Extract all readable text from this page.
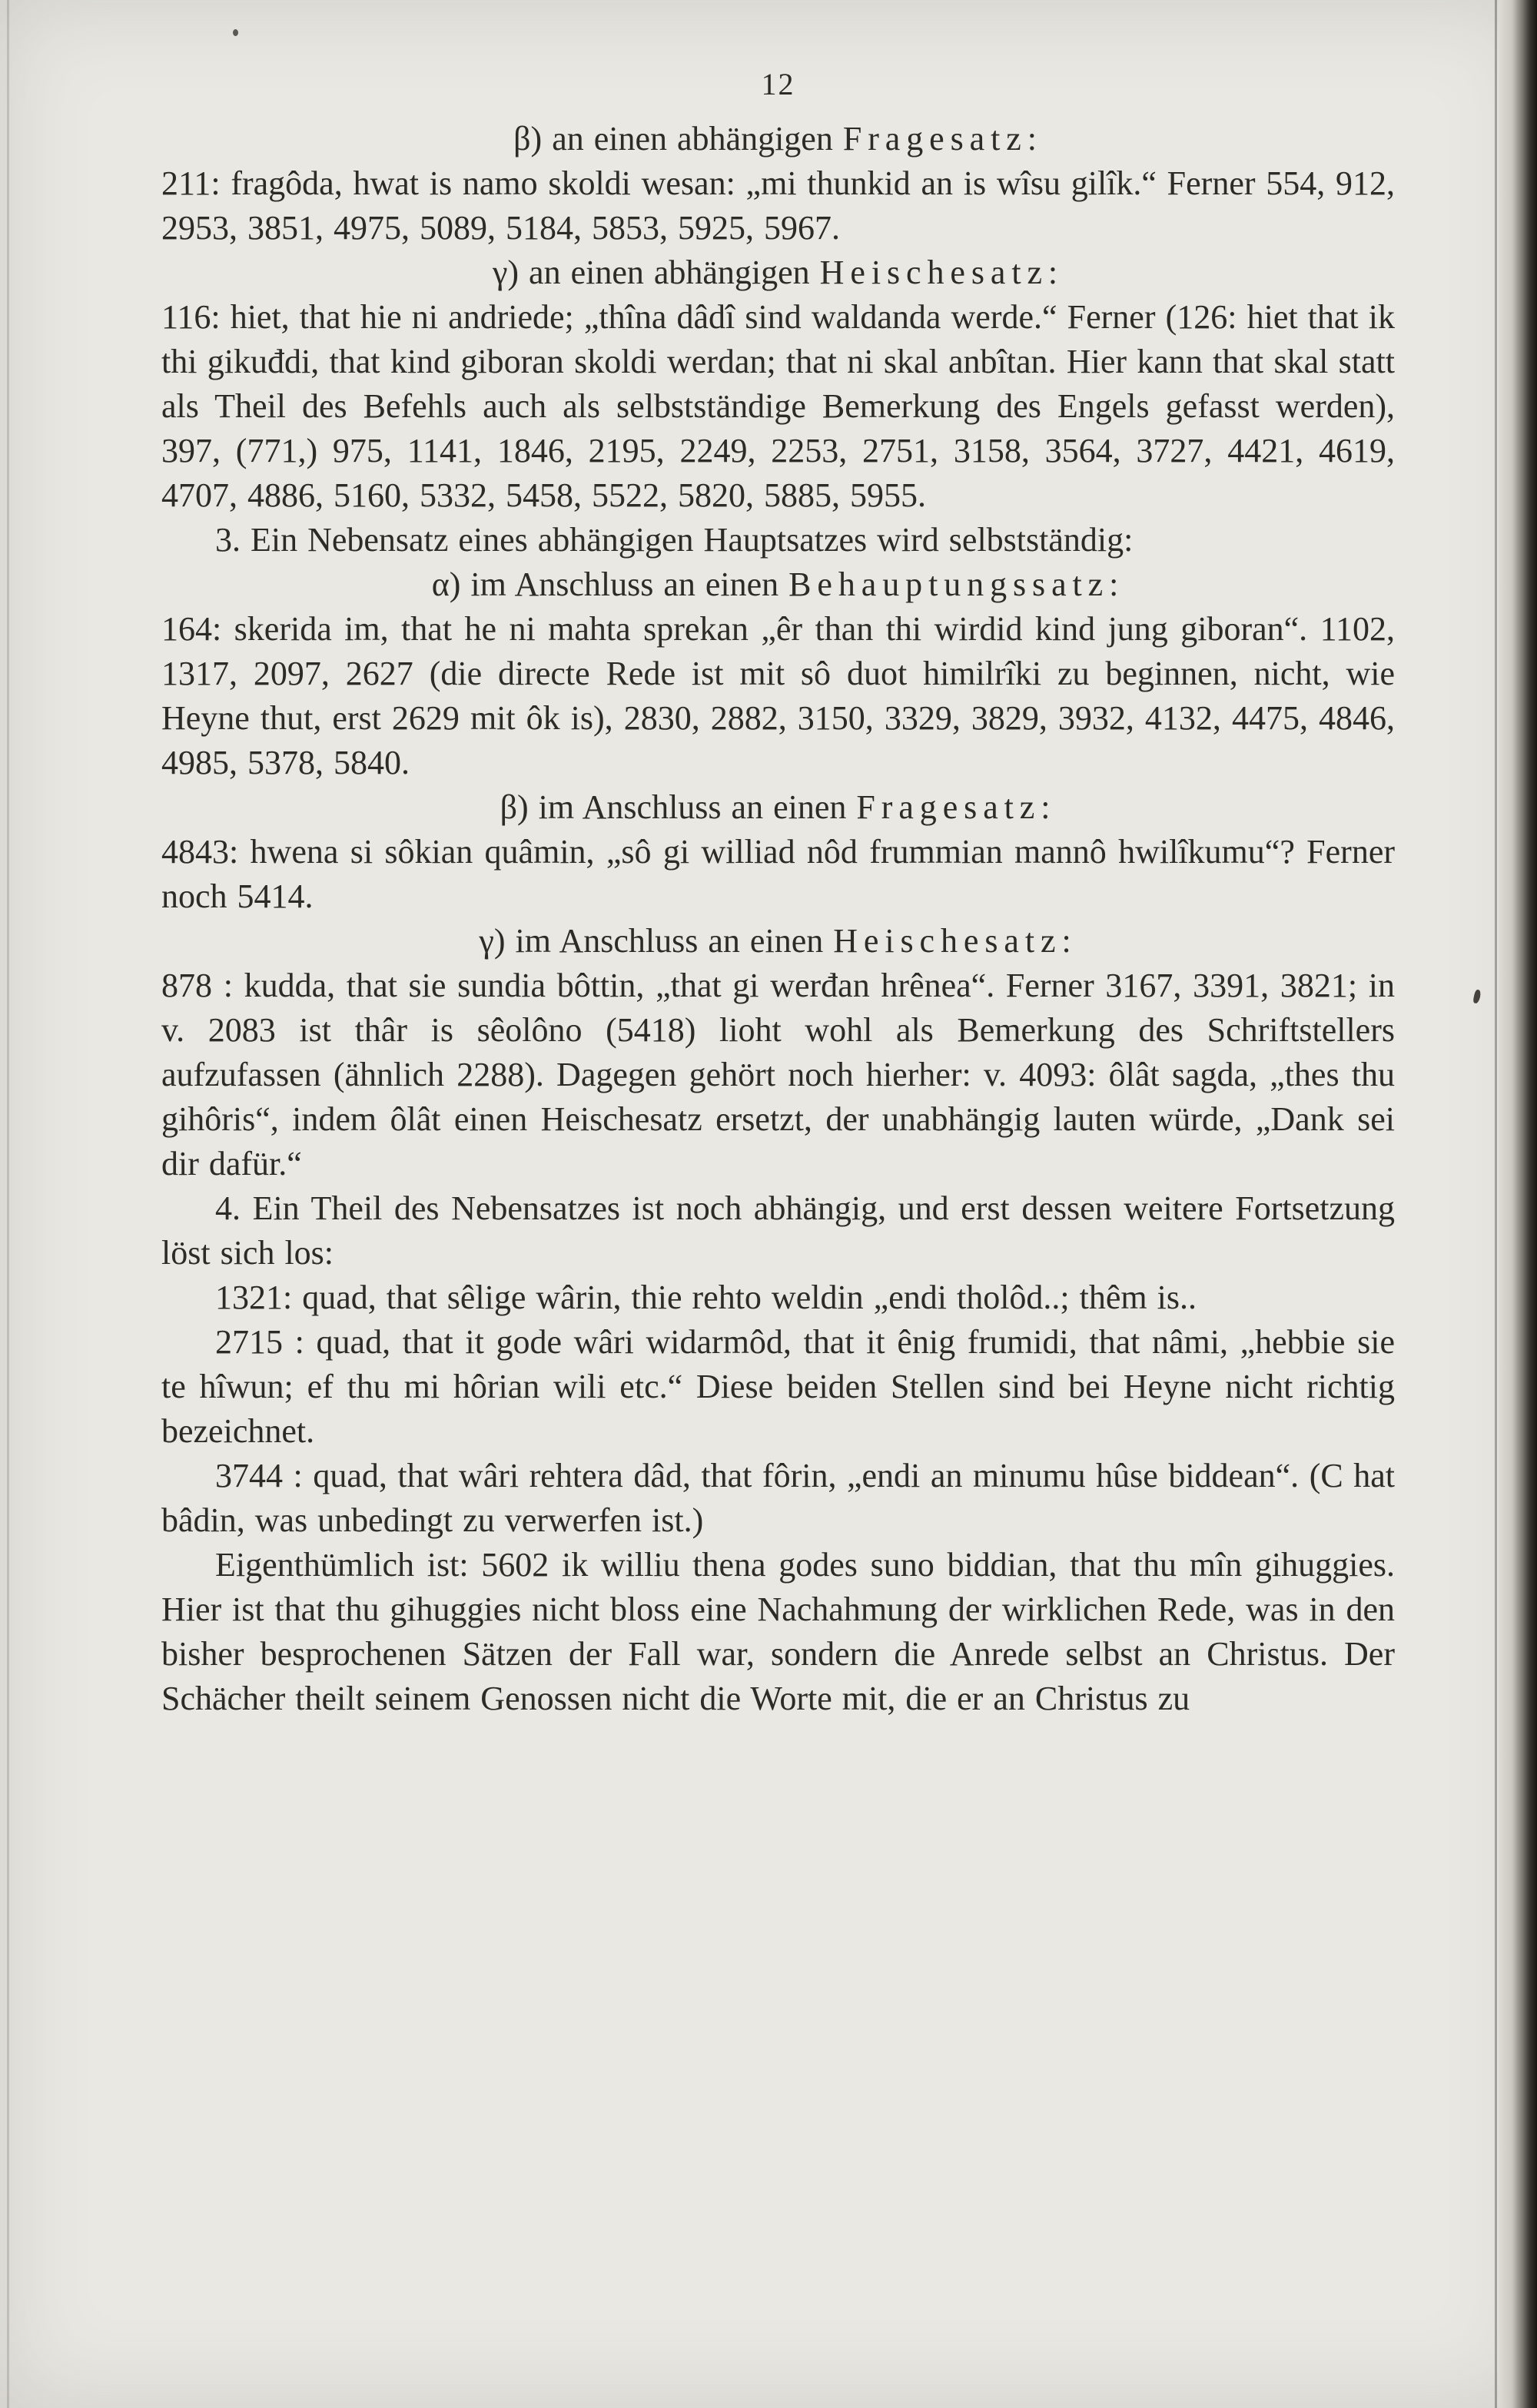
12

β) an einen abhängigen Fragesatz:

211: fragôda, hwat is namo skoldi wesan: „mi thunkid an is wîsu gilîk.“ Ferner 554, 912, 2953, 3851, 4975, 5089, 5184, 5853, 5925, 5967.

γ) an einen abhängigen Heischesatz:

116: hiet, that hie ni andriede; „thîna dâdî sind waldanda werde.“ Ferner (126: hiet that ik thi gikuđdi, that kind giboran skoldi werdan; that ni skal anbîtan. Hier kann that skal statt als Theil des Befehls auch als selbstständige Bemerkung des Engels gefasst werden), 397, (771,) 975, 1141, 1846, 2195, 2249, 2253, 2751, 3158, 3564, 3727, 4421, 4619, 4707, 4886, 5160, 5332, 5458, 5522, 5820, 5885, 5955.

3. Ein Nebensatz eines abhängigen Hauptsatzes wird selbstständig:

α) im Anschluss an einen Behauptungssatz:

164: skerida im, that he ni mahta sprekan „êr than thi wirdid kind jung giboran“. 1102, 1317, 2097, 2627 (die directe Rede ist mit sô duot himilrîki zu beginnen, nicht, wie Heyne thut, erst 2629 mit ôk is), 2830, 2882, 3150, 3329, 3829, 3932, 4132, 4475, 4846, 4985, 5378, 5840.

β) im Anschluss an einen Fragesatz:

4843: hwena si sôkian quâmin, „sô gi williad nôd frummian mannô hwilîkumu“? Ferner noch 5414.

γ) im Anschluss an einen Heischesatz:

878 : kudda, that sie sundia bôttin, „that gi werđan hrênea“. Ferner 3167, 3391, 3821; in v. 2083 ist thâr is sêolôno (5418) lioht wohl als Bemerkung des Schriftstellers aufzufassen (ähnlich 2288). Dagegen gehört noch hierher: v. 4093: ôlât sagda, „thes thu gihôris“, indem ôlât einen Heischesatz ersetzt, der unabhängig lauten würde, „Dank sei dir dafür.“

4. Ein Theil des Nebensatzes ist noch abhängig, und erst dessen weitere Fortsetzung löst sich los:

1321: quad, that sêlige wârin, thie rehto weldin „endi tholôd..; thêm is..

2715 : quad, that it gode wâri widarmôd, that it ênig frumidi, that nâmi, „hebbie sie te hîwun; ef thu mi hôrian wili etc.“ Diese beiden Stellen sind bei Heyne nicht richtig bezeichnet.

3744 : quad, that wâri rehtera dâd, that fôrin, „endi an minumu hûse biddean“. (C hat bâdin, was unbedingt zu verwerfen ist.)

Eigenthümlich ist: 5602 ik williu thena godes suno biddian, that thu mîn gihuggies. Hier ist that thu gihuggies nicht bloss eine Nachahmung der wirklichen Rede, was in den bisher besprochenen Sätzen der Fall war, sondern die Anrede selbst an Christus. Der Schächer theilt seinem Genossen nicht die Worte mit, die er an Christus zu
